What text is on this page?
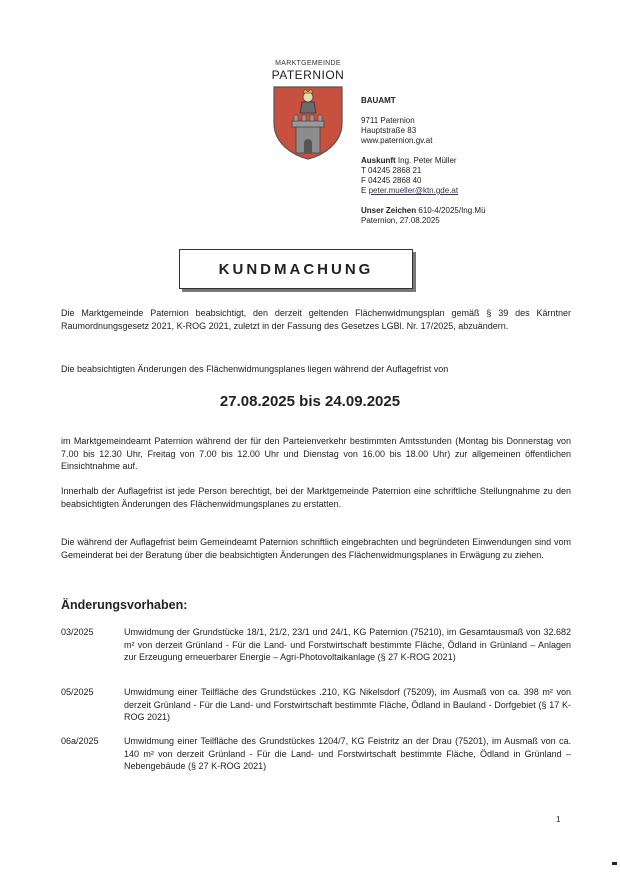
MARKTGEMEINDE
PATERNION
BAUAMT
9711 Paternion
Hauptstraße 83
www.paternion.gv.at
Auskunft Ing. Peter Müller
T 04245 2868 21
F 04245 2868 40
E peter.mueller@ktn.gde.at
Unser Zeichen 610-4/2025/Ing.Mü
Paternion, 27.08.2025
KUNDMACHUNG
Die Marktgemeinde Paternion beabsichtigt, den derzeit geltenden Flächenwidmungsplan gemäß § 39 des Kärntner Raumordnungsgesetz 2021, K-ROG 2021, zuletzt in der Fassung des Gesetzes LGBl. Nr. 17/2025, abzuändern.
Die beabsichtigten Änderungen des Flächenwidmungsplanes liegen während der Auflagefrist von
27.08.2025 bis 24.09.2025
im Marktgemeindeamt Paternion während der für den Parteienverkehr bestimmten Amtsstunden (Montag bis Donnerstag von 7.00 bis 12.30 Uhr, Freitag von 7.00 bis 12.00 Uhr und Dienstag von 16.00 bis 18.00 Uhr) zur allgemeinen öffentlichen Einsichtnahme auf.
Innerhalb der Auflagefrist ist jede Person berechtigt, bei der Marktgemeinde Paternion eine schriftliche Stellungnahme zu den beabsichtigten Änderungen des Flächenwidmungsplanes zu erstatten.
Die während der Auflagefrist beim Gemeindeamt Paternion schriftlich eingebrachten und begründeten Einwendungen sind vom Gemeinderat bei der Beratung über die beabsichtigten Änderungen des Flächenwidmungsplanes in Erwägung zu ziehen.
Änderungsvorhaben:
03/2025	Umwidmung der Grundstücke 18/1, 21/2, 23/1 und 24/1, KG Paternion (75210), im Gesamtausmaß von 32.682 m² von derzeit Grünland - Für die Land- und Forstwirtschaft bestimmte Fläche, Ödland in Grünland – Anlagen zur Erzeugung erneuerbarer Energie – Agri-Photovoltaikanlage (§ 27 K-ROG 2021)
05/2025	Umwidmung einer Teilfläche des Grundstückes .210, KG Nikelsdorf (75209), im Ausmaß von ca. 398 m² von derzeit Grünland - Für die Land- und Forstwirtschaft bestimmte Fläche, Ödland in Bauland - Dorfgebiet (§ 17 K-ROG 2021)
06a/2025	Umwidmung einer Teilfläche des Grundstückes 1204/7, KG Feistritz an der Drau (75201), im Ausmaß von ca. 140 m² von derzeit Grünland - Für die Land- und Forstwirtschaft bestimmte Fläche, Ödland in Grünland – Nebengebäude (§ 27 K-ROG 2021)
1
